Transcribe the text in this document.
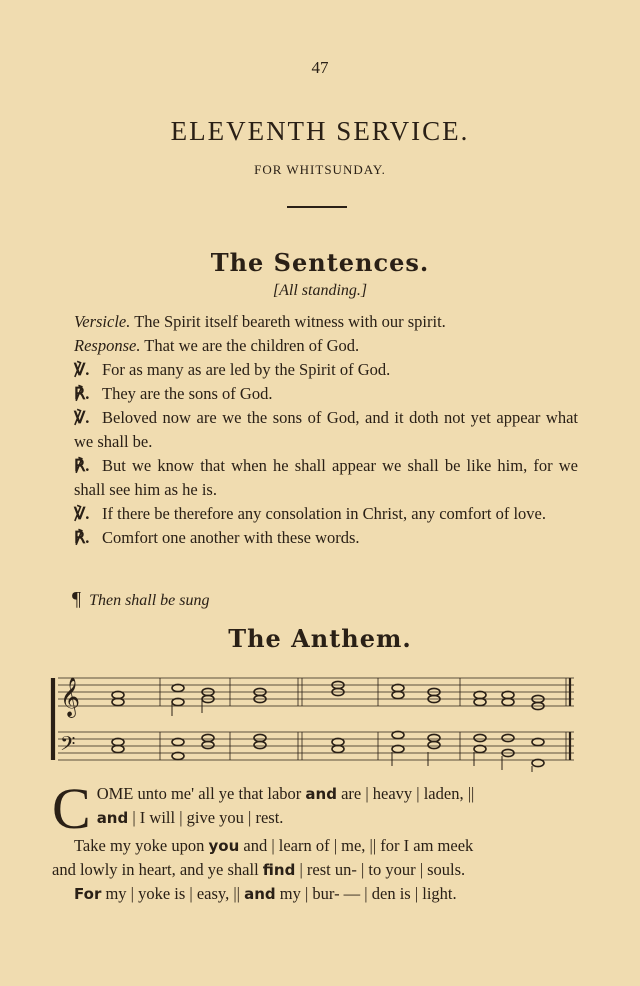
47
ELEVENTH SERVICE.
FOR WHITSUNDAY.
The Sentences.
[All standing.]

Versicle. The Spirit itself beareth witness with our spirit.

Response. That we are the children of God.

℣. For as many as are led by the Spirit of God.

℟. They are the sons of God.

℣. Beloved now are we the sons of God, and it doth not yet appear what we shall be.

℟. But we know that when he shall appear we shall be like him, for we shall see him as he is.

℣. If there be therefore any consolation in Christ, any comfort of love.

℟. Comfort one another with these words.

¶ Then shall be sung
The Anthem.
𝄞
𝄢
C OME unto me' all ye that labor and are | heavy | laden, ||

and | I will | give you | rest.

Take my yoke upon you and | learn of | me, || for I am meek

and lowly in heart, and ye shall find | rest un- | to your | souls.

For my | yoke is | easy, || and my | bur- — | den is | light.
